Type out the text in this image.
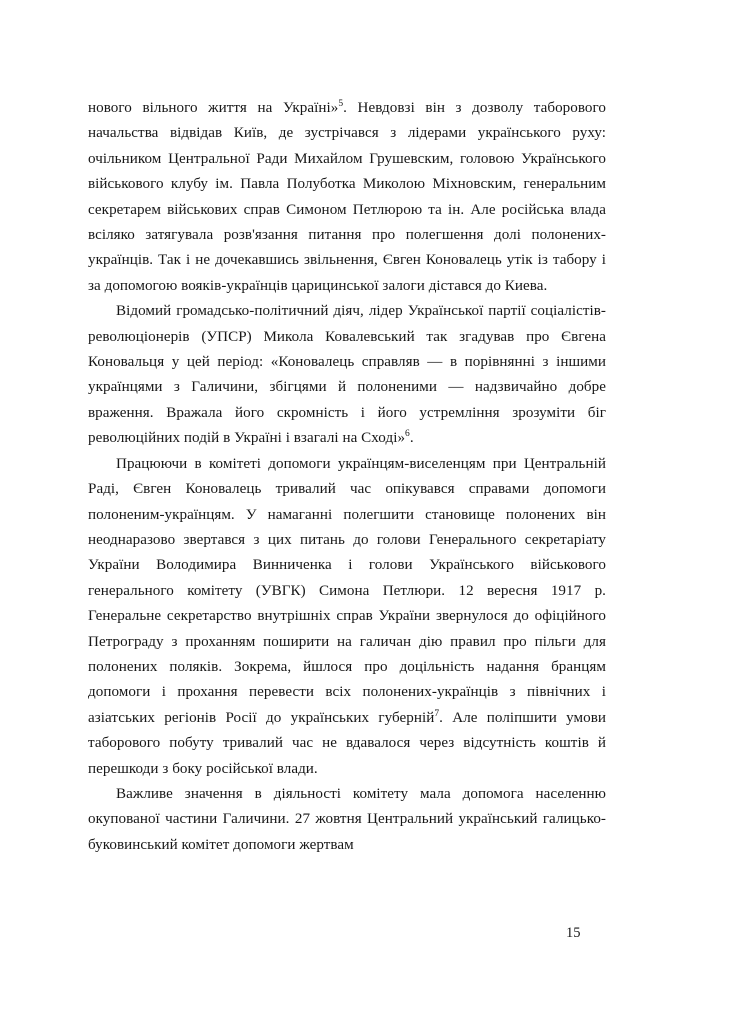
нового вільного життя на Україні»$^5$. Невдовзі він з дозволу таборового начальства відвідав Київ, де зустрічався з лідерами українського руху: очільником Центральної Ради Михайлом Грушевским, головою Українського військового клубу ім. Павла Полуботка Миколою Міхновским, генеральним секретарем військових справ Симоном Петлюрою та ін. Але російська влада всіляко затягувала розв'язання питання про полегшення долі полонених-українців. Так і не дочекавшись звільнення, Євген Коновалець утік із табору і за допомогою вояків-українців царицинської залоги дістався до Киева.

Відомий громадсько-політичний діяч, лідер Української партії соціалістів-революціонерів (УПСР) Микола Ковалевський так згадував про Євгена Коновальця у цей період: «Коновалець справляв — в порівнянні з іншими українцями з Галичини, збігцями й полоненими — надзвичайно добре враження. Вражала його скромність і його устремління зрозуміти біг революційних подій в Україні і взагалі на Сході»$^6$.

Працюючи в комітеті допомоги українцям-виселенцям при Центральній Раді, Євген Коновалець тривалий час опікувався справами допомоги полоненим-українцям. У намаганні полегшити становище полонених він неоднаразово звертався з цих питань до голови Генерального секретаріату України Володимира Винниченка і голови Українського військового генерального комітету (УВГК) Симона Петлюри. 12 вересня 1917 р. Генеральне секретарство внутрішніх справ України звернулося до офіційного Петрограду з проханням поширити на галичан дію правил про пільги для полонених поляків. Зокрема, йшлося про доцільність надання бранцям допомоги і прохання перевести всіх полонених-українців з північних і азіатських регіонів Росії до українських губерній$^7$. Але поліпшити умови таборового побуту тривалий час не вдавалося через відсутність коштів й перешкоди з боку російської влади.

Важливе значення в діяльності комітету мала допомога населенню окупованої частини Галичини. 27 жовтня Центральний український галицько-буковинський комітет допомоги жертвам

15
